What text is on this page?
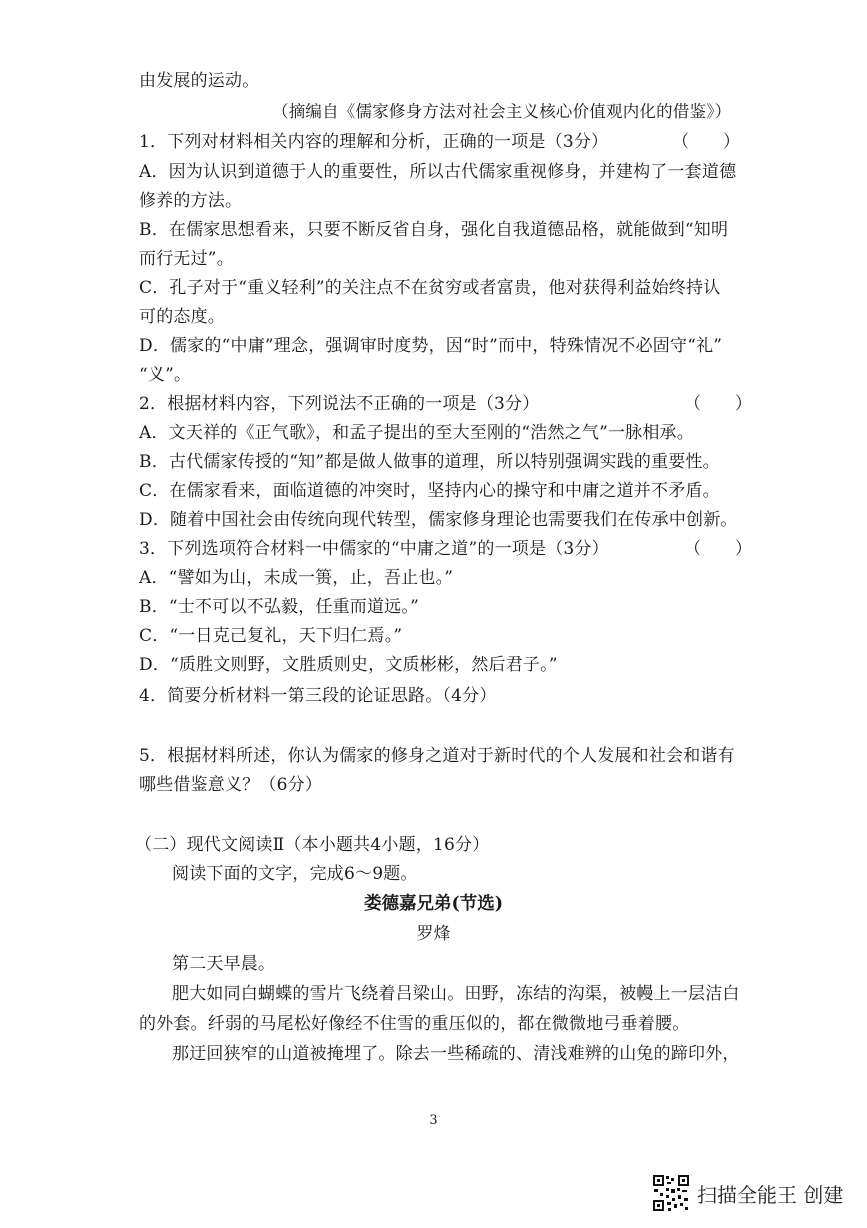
由发展的运动。
（摘编自《儒家修身方法对社会主义核心价值观内化的借鉴》）
1．下列对材料相关内容的理解和分析，正确的一项是（3分）	（　　）
A．因为认识到道德于人的重要性，所以古代儒家重视修身，并建构了一套道德
修养的方法。
B．在儒家思想看来，只要不断反省自身，强化自我道德品格，就能做到“知明
而行无过”。
C．孔子对于“重义轻利”的关注点不在贫穷或者富贵，他对获得利益始终持认
可的态度。
D．儒家的“中庸”理念，强调审时度势，因“时”而中，特殊情况不必固守“礼”
“义”。
2．根据材料内容，下列说法不正确的一项是（3分）	（　　）
A．文天祥的《正气歌》，和孟子提出的至大至刚的“浩然之气”一脉相承。
B．古代儒家传授的“知”都是做人做事的道理，所以特别强调实践的重要性。
C．在儒家看来，面临道德的冲突时，坚持内心的操守和中庸之道并不矛盾。
D．随着中国社会由传统向现代转型，儒家修身理论也需要我们在传承中创新。
3．下列选项符合材料一中儒家的“中庸之道”的一项是（3分）	（　　）
A．“譬如为山，未成一篑，止，吾止也。”
B．“士不可以不弘毅，任重而道远。”
C．“一日克己复礼，天下归仁焉。”
D．“质胜文则野，文胜质则史，文质彬彬，然后君子。”
4．简要分析材料一第三段的论证思路。（4分）
5．根据材料所述，你认为儒家的修身之道对于新时代的个人发展和社会和谐有
哪些借鉴意义？（6分）
（二）现代文阅读Ⅱ（本小题共4小题，16分）
阅读下面的文字，完成6～9题。
娄德嘉兄弟(节选)
罗烽
第二天早晨。
肥大如同白蝴蝶的雪片飞绕着吕梁山。田野，冻结的沟渠，被幔上一层洁白
的外套。纤弱的马尾松好像经不住雪的重压似的，都在微微地弓垂着腰。
那迂回狭窄的山道被掩埋了。除去一些稀疏的、清浅难辨的山兔的蹄印外，
3
扫描全能王 创建
